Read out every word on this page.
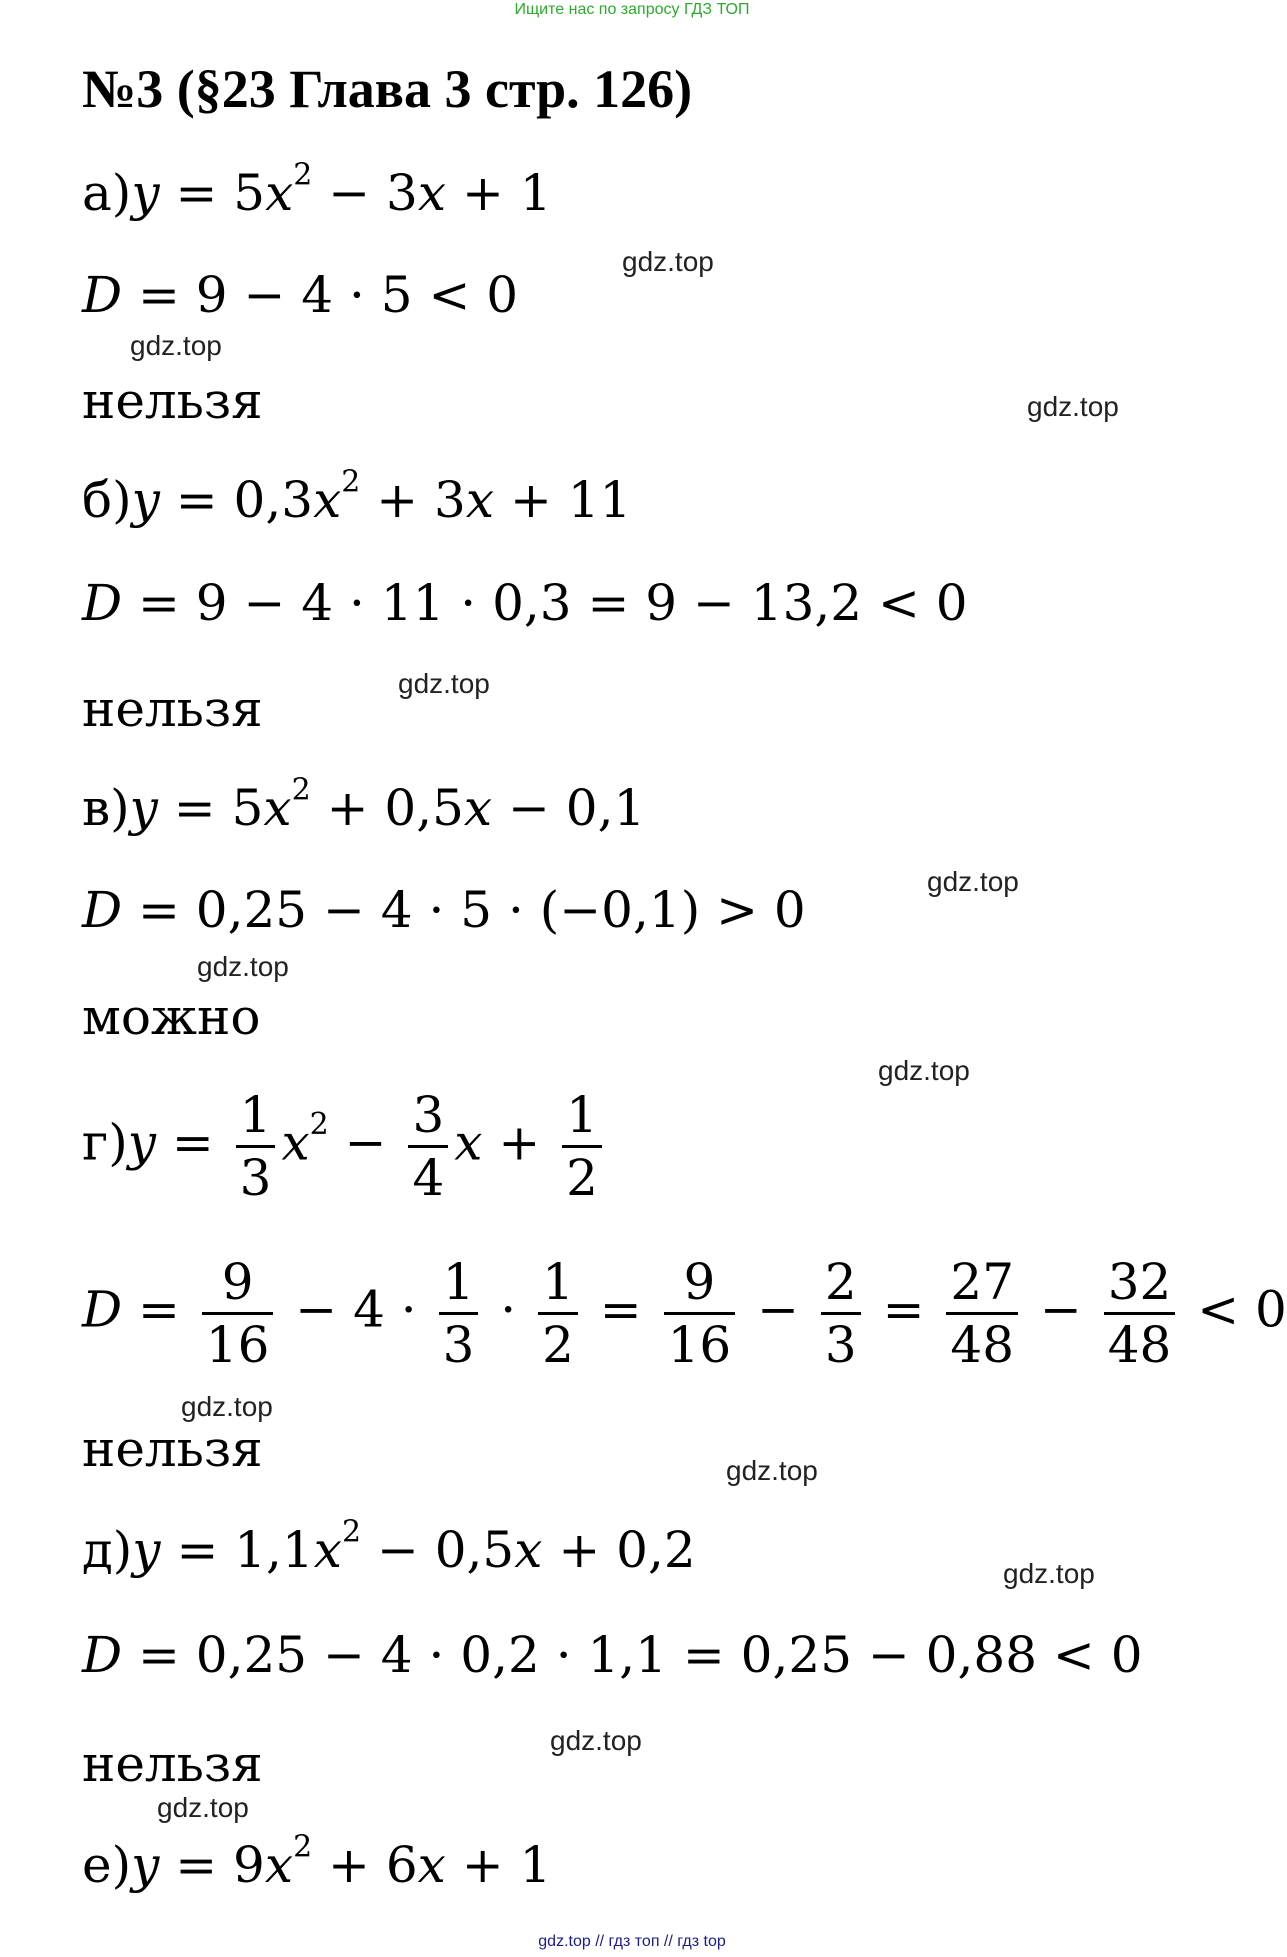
Ищите нас по запросу ГДЗ ТОП
№3 (§23 Глава 3 стр. 126)
$а)y = 5x^2 - 3x + 1$
D = 9 − 4 · 5 < 0
нельзя
$б)y = 0,3x^2 + 3x + 11$
D = 9 − 4 · 11 · 0,3 = 9 − 13,2 < 0
нельзя
$в)y = 5x^2 + 0,5x - 0,1$
D = 0,25 − 4 · 5 · (−0,1) > 0
можно
$г)y = \frac{1}{3} x^2 - \frac{3}{4}$ $x + \frac{1}{2}$
$D = \frac{9}{16} - 4 \cdot \frac{1}{3} \cdot \frac{1}{2} = \frac{9}{16} - \frac{2}{3} = \frac{27}{48} - \frac{32}{48} < 0$
нельзя
$д)y = 1,1x^2 - 0,5x + 0,2$
D = 0,25 − 4 · 0,2 · 1,1 = 0,25 − 0,88 < 0
нельзя
$е)y = 9x^2 + 6x + 1$
gdz.top
gdz.top
gdz.top
gdz.top
gdz.top
gdz.top
gdz.top
gdz.top
gdz.top
gdz.top
gdz.top
gdz.top
gdz.top // гдз топ // гдз top
